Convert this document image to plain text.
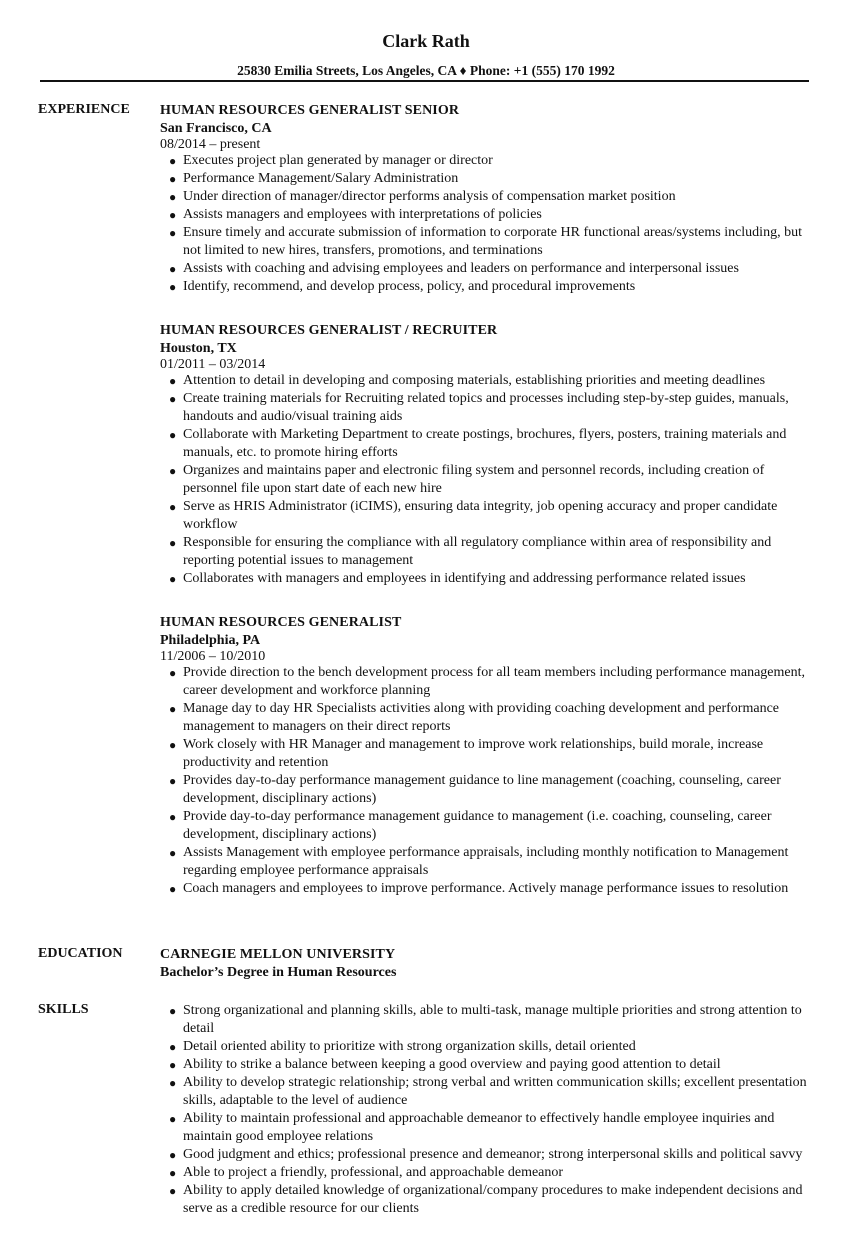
Clark Rath
25830 Emilia Streets, Los Angeles, CA ♦ Phone: +1 (555) 170 1992
EXPERIENCE HUMAN RESOURCES GENERALIST SENIOR
San Francisco, CA
08/2014 – present
● Executes project plan generated by manager or director
● Performance Management/Salary Administration
● Under direction of manager/director performs analysis of compensation market position
● Assists managers and employees with interpretations of policies
● Ensure timely and accurate submission of information to corporate HR functional areas/systems including, but not limited to new hires, transfers, promotions, and terminations
● Assists with coaching and advising employees and leaders on performance and interpersonal issues
● Identify, recommend, and develop process, policy, and procedural improvements
HUMAN RESOURCES GENERALIST / RECRUITER
Houston, TX
01/2011 – 03/2014
● Attention to detail in developing and composing materials, establishing priorities and meeting deadlines
● Create training materials for Recruiting related topics and processes including step-by-step guides, manuals, handouts and audio/visual training aids
● Collaborate with Marketing Department to create postings, brochures, flyers, posters, training materials and manuals, etc. to promote hiring efforts
● Organizes and maintains paper and electronic filing system and personnel records, including creation of personnel file upon start date of each new hire
● Serve as HRIS Administrator (iCIMS), ensuring data integrity, job opening accuracy and proper candidate workflow
● Responsible for ensuring the compliance with all regulatory compliance within area of responsibility and reporting potential issues to management
● Collaborates with managers and employees in identifying and addressing performance related issues
HUMAN RESOURCES GENERALIST
Philadelphia, PA
11/2006 – 10/2010
● Provide direction to the bench development process for all team members including performance management, career development and workforce planning
● Manage day to day HR Specialists activities along with providing coaching development and performance management to managers on their direct reports
● Work closely with HR Manager and management to improve work relationships, build morale, increase productivity and retention
● Provides day-to-day performance management guidance to line management (coaching, counseling, career development, disciplinary actions)
● Provide day-to-day performance management guidance to management (i.e. coaching, counseling, career development, disciplinary actions)
● Assists Management with employee performance appraisals, including monthly notification to Management regarding employee performance appraisals
● Coach managers and employees to improve performance. Actively manage performance issues to resolution
EDUCATION	CARNEGIE MELLON UNIVERSITY
Bachelor’s Degree in Human Resources
SKILLS	● Strong organizational and planning skills, able to multi-task, manage multiple priorities and strong attention to detail
● Detail oriented ability to prioritize with strong organization skills, detail oriented
● Ability to strike a balance between keeping a good overview and paying good attention to detail
● Ability to develop strategic relationship; strong verbal and written communication skills; excellent presentation skills, adaptable to the level of audience
● Ability to maintain professional and approachable demeanor to effectively handle employee inquiries and maintain good employee relations
● Good judgment and ethics; professional presence and demeanor; strong interpersonal skills and political savvy
● Able to project a friendly, professional, and approachable demeanor
● Ability to apply detailed knowledge of organizational/company procedures to make independent decisions and serve as a credible resource for our clients
